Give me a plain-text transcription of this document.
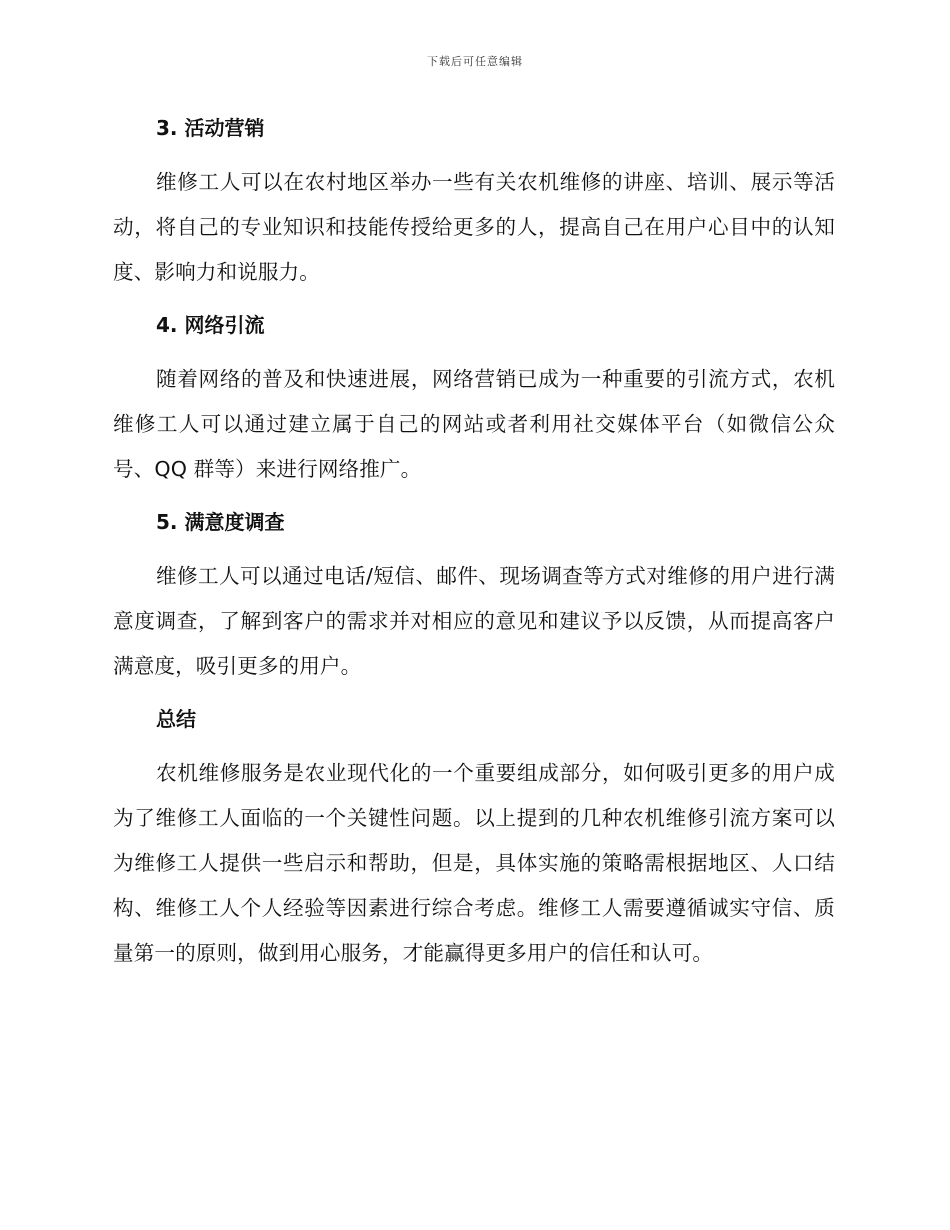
下载后可任意编辑
3. 活动营销

维修工人可以在农村地区举办一些有关农机维修的讲座、培训、展示等活动，将自己的专业知识和技能传授给更多的人，提高自己在用户心目中的认知度、影响力和说服力。

4. 网络引流

随着网络的普及和快速进展，网络营销已成为一种重要的引流方式，农机维修工人可以通过建立属于自己的网站或者利用社交媒体平台（如微信公众号、QQ 群等）来进行网络推广。

5. 满意度调查

维修工人可以通过电话/短信、邮件、现场调查等方式对维修的用户进行满意度调查，了解到客户的需求并对相应的意见和建议予以反馈，从而提高客户满意度，吸引更多的用户。

总结

农机维修服务是农业现代化的一个重要组成部分，如何吸引更多的用户成为了维修工人面临的一个关键性问题。以上提到的几种农机维修引流方案可以为维修工人提供一些启示和帮助，但是，具体实施的策略需根据地区、人口结构、维修工人个人经验等因素进行综合考虑。维修工人需要遵循诚实守信、质量第一的原则，做到用心服务，才能赢得更多用户的信任和认可。
